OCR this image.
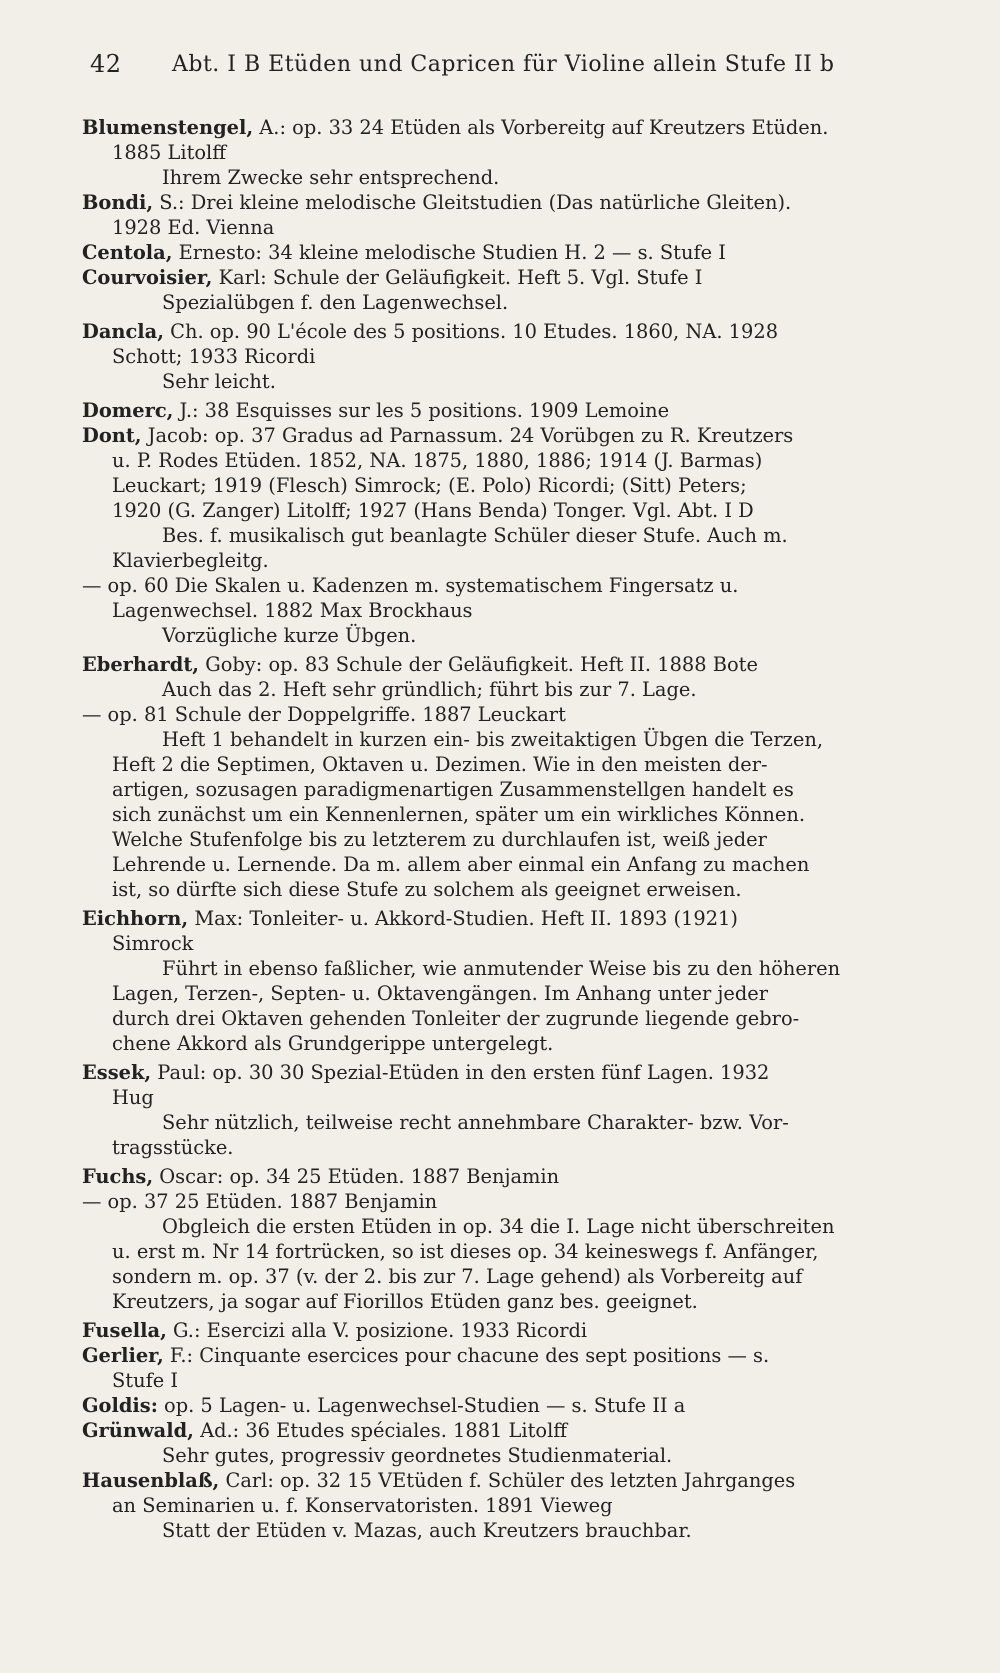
42 Abt. I B Etüden und Capricen für Violine allein Stufe II b
Blumenstengel, A.: op. 33 24 Etüden als Vorbereitg auf Kreutzers Etüden.
1885 Litolff
Ihrem Zwecke sehr entsprechend.
Bondi, S.: Drei kleine melodische Gleitstudien (Das natürliche Gleiten).
1928 Ed. Vienna
Centola, Ernesto: 34 kleine melodische Studien H. 2 — s. Stufe I
Courvoisier, Karl: Schule der Geläufigkeit. Heft 5. Vgl. Stufe I
Spezialübgen f. den Lagenwechsel.
Dancla, Ch. op. 90 L'école des 5 positions. 10 Etudes. 1860, NA. 1928
Schott; 1933 Ricordi
Sehr leicht.
Domerc, J.: 38 Esquisses sur les 5 positions. 1909 Lemoine
Dont, Jacob: op. 37 Gradus ad Parnassum. 24 Vorübgen zu R. Kreutzers
u. P. Rodes Etüden. 1852, NA. 1875, 1880, 1886; 1914 (J. Barmas)
Leuckart; 1919 (Flesch) Simrock; (E. Polo) Ricordi; (Sitt) Peters;
1920 (G. Zanger) Litolff; 1927 (Hans Benda) Tonger. Vgl. Abt. I D
Bes. f. musikalisch gut beanlagte Schüler dieser Stufe. Auch m.
Klavierbegleitg.
— op. 60 Die Skalen u. Kadenzen m. systematischem Fingersatz u.
Lagenwechsel. 1882 Max Brockhaus
Vorzügliche kurze Übgen.
Eberhardt, Goby: op. 83 Schule der Geläufigkeit. Heft II. 1888 Bote
Auch das 2. Heft sehr gründlich; führt bis zur 7. Lage.
— op. 81 Schule der Doppelgriffe. 1887 Leuckart
Heft 1 behandelt in kurzen ein- bis zweitaktigen Übgen die Terzen,
Heft 2 die Septimen, Oktaven u. Dezimen. Wie in den meisten der-
artigen, sozusagen paradigmenartigen Zusammenstellgen handelt es
sich zunächst um ein Kennenlernen, später um ein wirkliches Können.
Welche Stufenfolge bis zu letzterem zu durchlaufen ist, weiß jeder
Lehrende u. Lernende. Da m. allem aber einmal ein Anfang zu machen
ist, so dürfte sich diese Stufe zu solchem als geeignet erweisen.
Eichhorn, Max: Tonleiter- u. Akkord-Studien. Heft II. 1893 (1921)
Simrock
Führt in ebenso faßlicher, wie anmutender Weise bis zu den höheren
Lagen, Terzen-, Septen- u. Oktavengängen. Im Anhang unter jeder
durch drei Oktaven gehenden Tonleiter der zugrunde liegende gebro-
chene Akkord als Grundgerippe untergelegt.
Essek, Paul: op. 30 30 Spezial-Etüden in den ersten fünf Lagen. 1932
Hug
Sehr nützlich, teilweise recht annehmbare Charakter- bzw. Vor-
tragsstücke.
Fuchs, Oscar: op. 34 25 Etüden. 1887 Benjamin
— op. 37 25 Etüden. 1887 Benjamin
Obgleich die ersten Etüden in op. 34 die I. Lage nicht überschreiten
u. erst m. Nr 14 fortrücken, so ist dieses op. 34 keineswegs f. Anfänger,
sondern m. op. 37 (v. der 2. bis zur 7. Lage gehend) als Vorbereitg auf
Kreutzers, ja sogar auf Fiorillos Etüden ganz bes. geeignet.
Fusella, G.: Esercizi alla V. posizione. 1933 Ricordi
Gerlier, F.: Cinquante esercices pour chacune des sept positions — s.
Stufe I
Goldis: op. 5 Lagen- u. Lagenwechsel-Studien — s. Stufe II a
Grünwald, Ad.: 36 Etudes spéciales. 1881 Litolff
Sehr gutes, progressiv geordnetes Studienmaterial.
Hausenblaß, Carl: op. 32 15 VEtüden f. Schüler des letzten Jahrganges
an Seminarien u. f. Konservatoristen. 1891 Vieweg
Statt der Etüden v. Mazas, auch Kreutzers brauchbar.
